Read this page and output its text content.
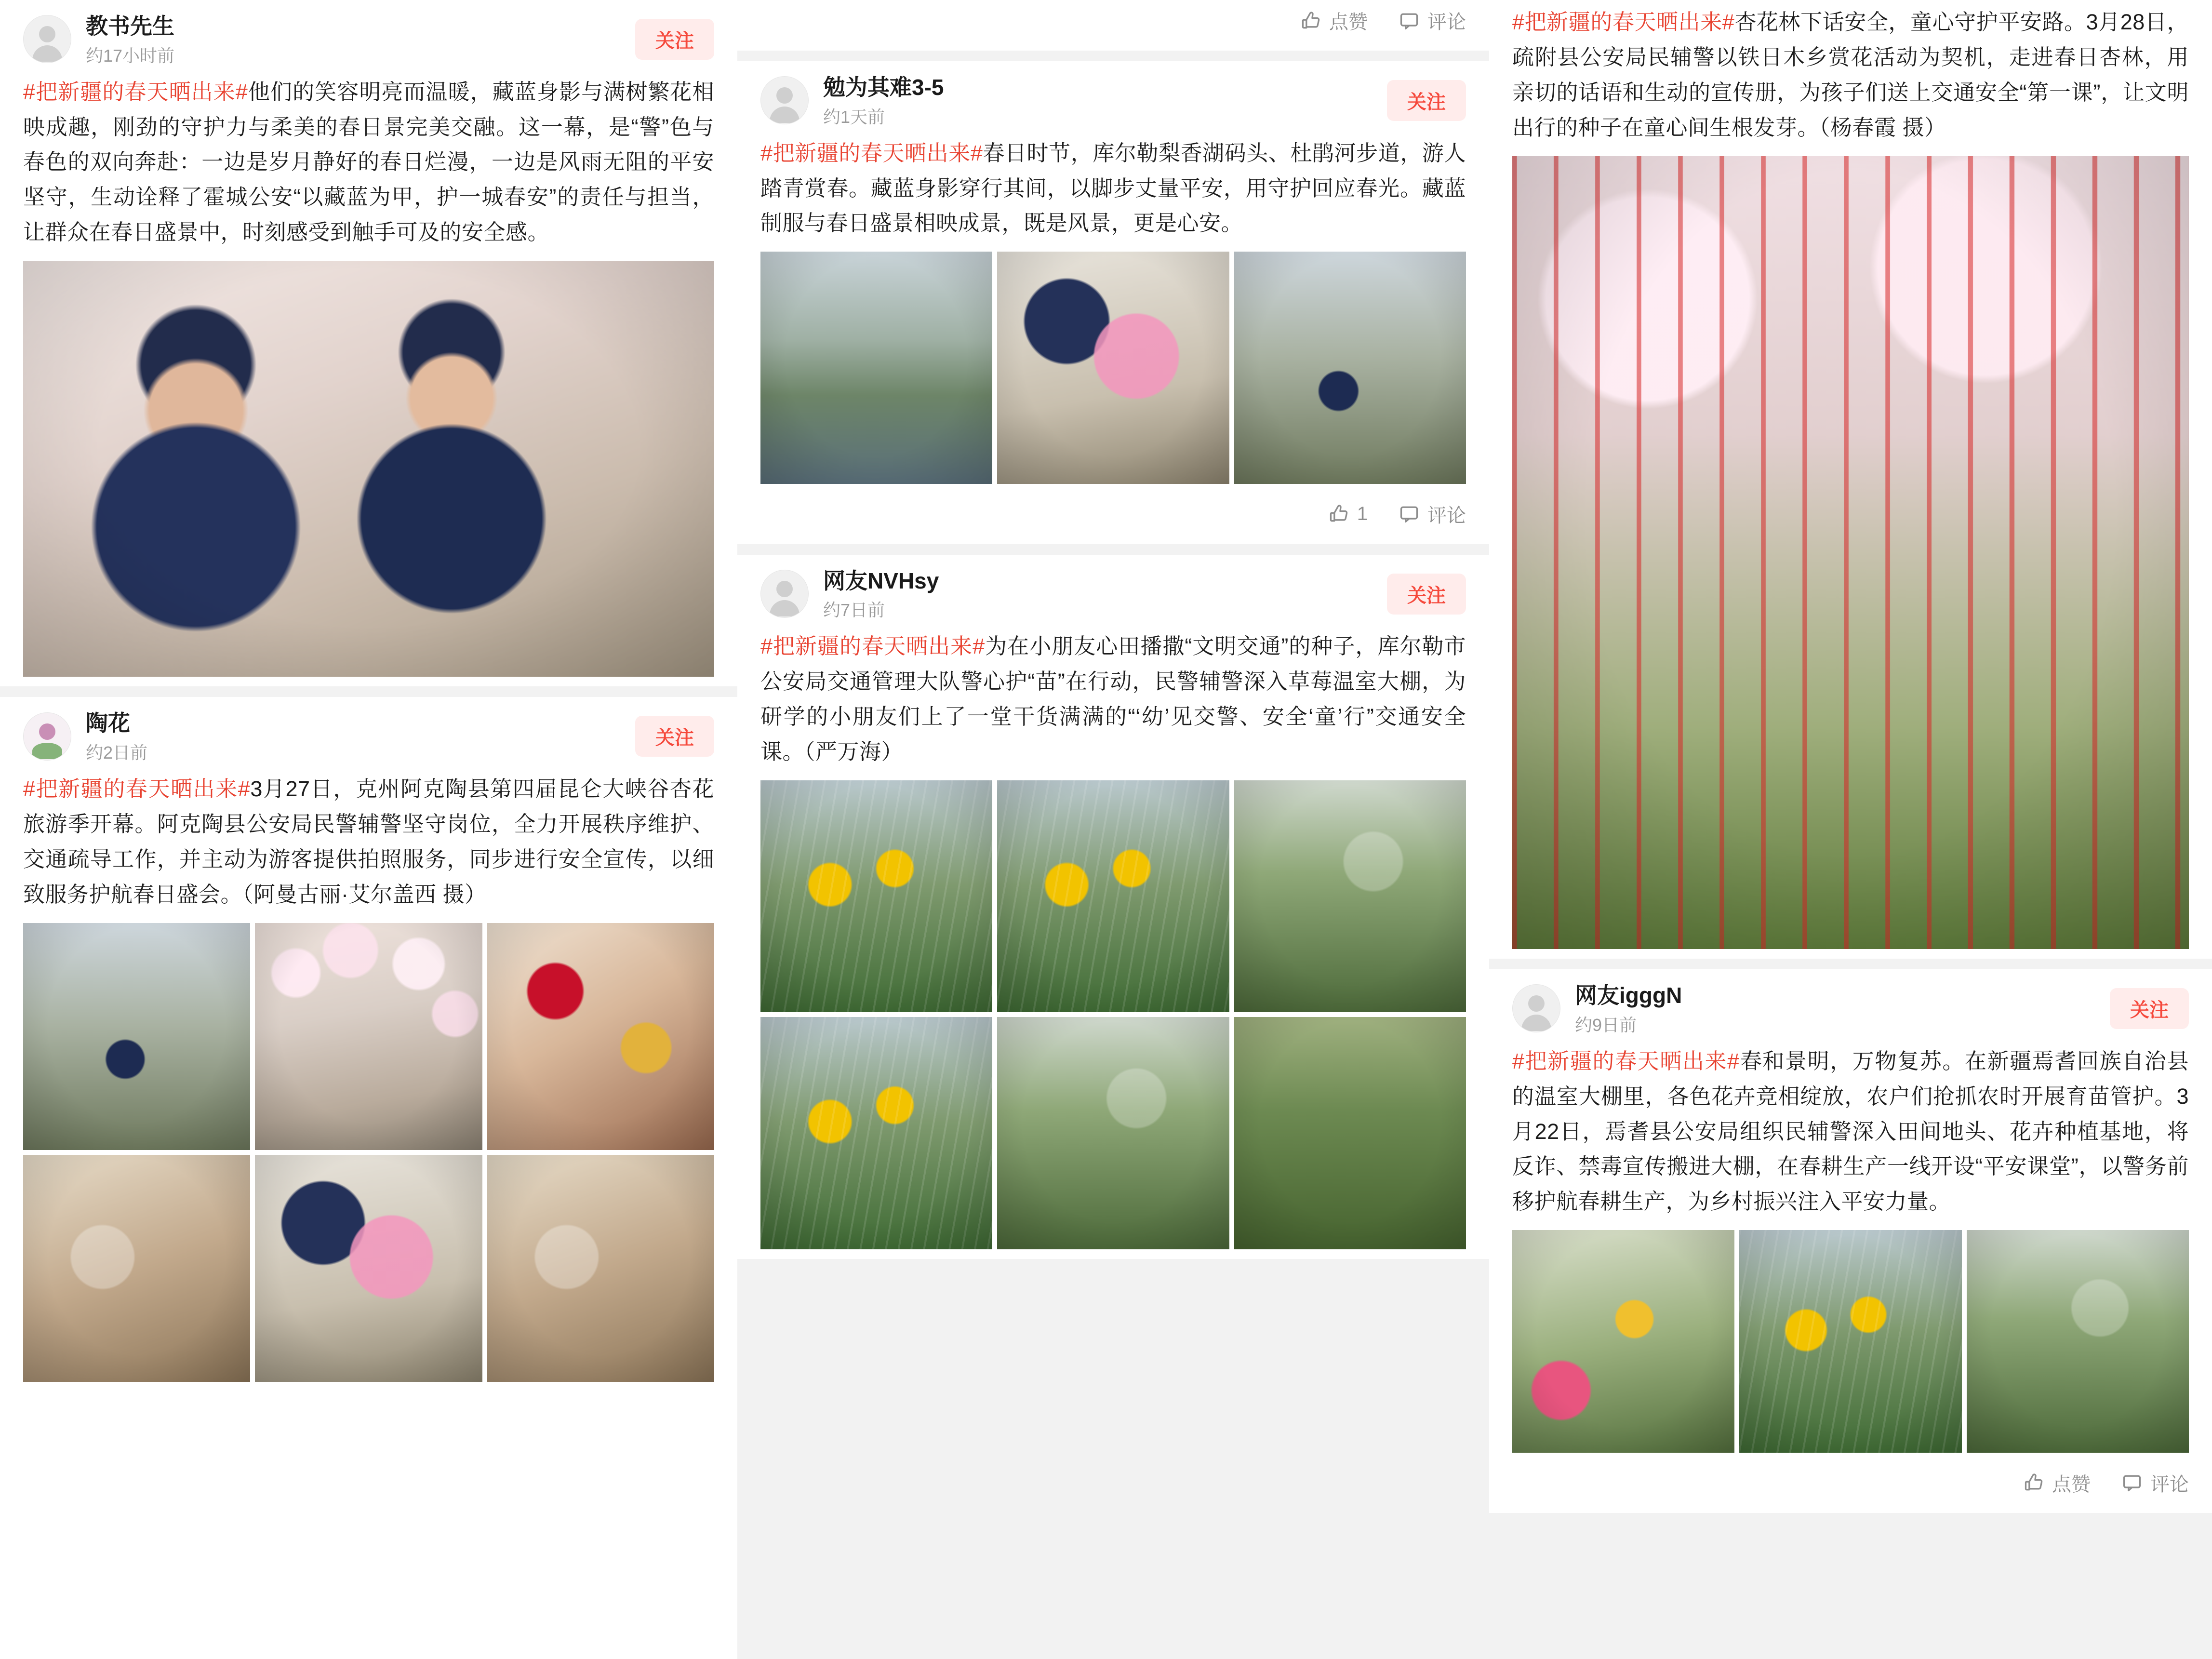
教书先生
约17小时前
关注
#把新疆的春天晒出来#他们的笑容明亮而温暖，藏蓝身影与满树繁花相映成趣，刚劲的守护力与柔美的春日景完美交融。这一幕，是“警”色与春色的双向奔赴：一边是岁月静好的春日烂漫，一边是风雨无阻的平安坚守，生动诠释了霍城公安“以藏蓝为甲，护一城春安”的责任与担当，让群众在春日盛景中，时刻感受到触手可及的安全感。
陶花
约2日前
关注
#把新疆的春天晒出来#3月27日，克州阿克陶县第四届昆仑大峡谷杏花旅游季开幕。阿克陶县公安局民警辅警坚守岗位，全力开展秩序维护、交通疏导工作，并主动为游客提供拍照服务，同步进行安全宣传，以细致服务护航春日盛会。（阿曼古丽·艾尔盖西 摄）
点赞	评论
勉为其难3-5
约1天前
关注
#把新疆的春天晒出来#春日时节，库尔勒梨香湖码头、杜鹃河步道，游人踏青赏春。藏蓝身影穿行其间，以脚步丈量平安，用守护回应春光。藏蓝制服与春日盛景相映成景，既是风景，更是心安。
1	评论
网友NVHsy
约7日前
关注
#把新疆的春天晒出来#为在小朋友心田播撒“文明交通”的种子，库尔勒市公安局交通管理大队警心护“苗”在行动，民警辅警深入草莓温室大棚，为研学的小朋友们上了一堂干货满满的“‘幼’见交警、安全‘童’行”交通安全课。（严万海）
#把新疆的春天晒出来#杏花林下话安全，童心守护平安路。3月28日，疏附县公安局民辅警以铁日木乡赏花活动为契机，走进春日杏林，用亲切的话语和生动的宣传册，为孩子们送上交通安全“第一课”，让文明出行的种子在童心间生根发芽。（杨春霞 摄）
网友igggN
约9日前
关注
#把新疆的春天晒出来#春和景明，万物复苏。在新疆焉耆回族自治县的温室大棚里，各色花卉竞相绽放，农户们抢抓农时开展育苗管护。3月22日，焉耆县公安局组织民辅警深入田间地头、花卉种植基地，将反诈、禁毒宣传搬进大棚，在春耕生产一线开设“平安课堂”，以警务前移护航春耕生产，为乡村振兴注入平安力量。
点赞	评论
